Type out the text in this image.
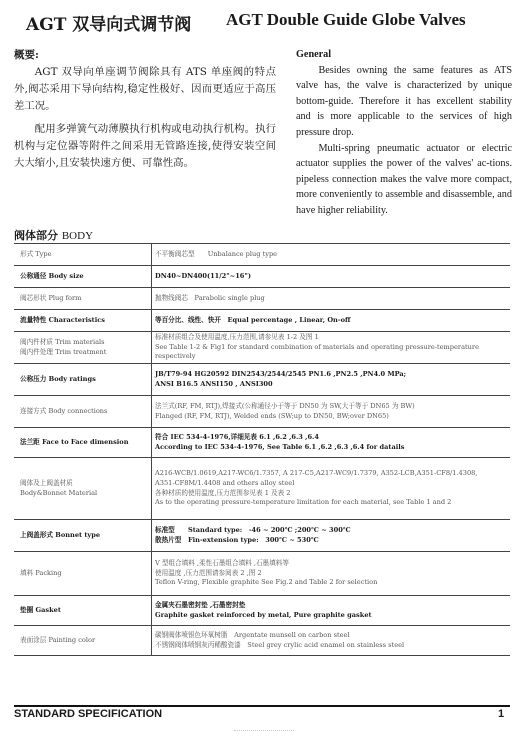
AGT 双导向式调节阀 AGT Double Guide Globe Valves
概要:

AGT 双导向单座调节阀除具有 ATS 单座阀的特点外,阀芯采用下导向结构,稳定性极好、因而更适应于高压差工况。

配用多弹簧气动薄膜执行机构或电动执行机构。执行机构与定位器等附件之间采用无管路连接,使得安装空间大大缩小,且安装快速方便、可靠性高。

General

Besides owning the same features as ATS valve has, the valve is characterized by unique bottom-guide. Therefore it has excellent stability and is more applicable to the services of high pressure drop.

Multi-spring pneumatic actuator or electric actuator supplies the power of the valves' ac-tions. pipeless connection makes the valve more compact, more conveniently to assemble and disassemble, and have higher reliability.

阀体部分 BODY
形式 Type	不平衡阀芯型　　Unbalance plug type

公称通径 Body size	DN40~DN400(11/2"~16")

阀芯形状 Plug form	抛物线阀芯　Parabolic single plug

流量特性 Characteristics	等百分比、线性、快开　Equal percentage , Linear, On-off

阀内件材质 Trim materials
阀内件处理 Trim treatment	标准材质组合及使用温度,压力范围,请参见表 1-2 及图 1
See Table 1-2 & Fig1 for standard combination of materials and operating pressure-temperature respectively

公称压力 Body ratings	JB/T79-94 HG20592 DIN2543/2544/2545 PN1.6 ,PN2.5 ,PN4.0 MPa;
ANSI B16.5 ANSI150 , ANSI300

连接方式 Body connections	法兰式(RF, FM, RTJ),焊接式(公称通径小于等于 DN50 为 SW,大于等于 DN65 为 BW)
Flanged (RF, FM, RTJ), Welded ends (SW;up to DN50, BW;over DN65)

法兰距 Face to Face dimension	符合 IEC 534-4-1976,详细见表 6.1 ,6.2 ,6.3 ,6.4
According to IEC 534-4-1976, See Table 6.1 ,6.2 ,6.3 ,6.4 for datails

阀体及上阀盖材质
Body&Bonnet Material	A216-WCB/1.0619,A217-WC6/1.7357, A 217-C5,A217-WC9/1.7379, A352-LCB,A351-CF8/1.4308,
A351-CF8M/1.4408 and others alloy steel
各种材质的使用温度,压力范围参见表 1 及表 2
As to the operating pressure-temperature limitation for each material, see Table 1 and 2

上阀盖形式 Bonnet type	标准型　　Standard type:　-46 ~ 200℃ ;200℃ ~ 300℃
散热片型　Fin-extension type:　300℃ ~ 530℃

填料 Packing	V 型组合填料 ,柔性石墨组合填料 ,石墨填料等
使用温度 ,压力范围请参阅表 2 ,图 2
Teflon V-ring, Flexible graphite See Fig.2 and Table 2 for selection

垫圈 Gasket	金属夹石墨密封垫 ,石墨密封垫
Graphite gasket reinforced by metal, Pure graphite gasket

表面涂层 Painting color	碳钢阀体喷银色环氧树脂　Argentate munsell on carbon steel
不锈钢阀体喷钢灰丙稀酸瓷漆　Steel grey crylic acid enamel on stainless steel
STANDARD SPECIFICATION	1
